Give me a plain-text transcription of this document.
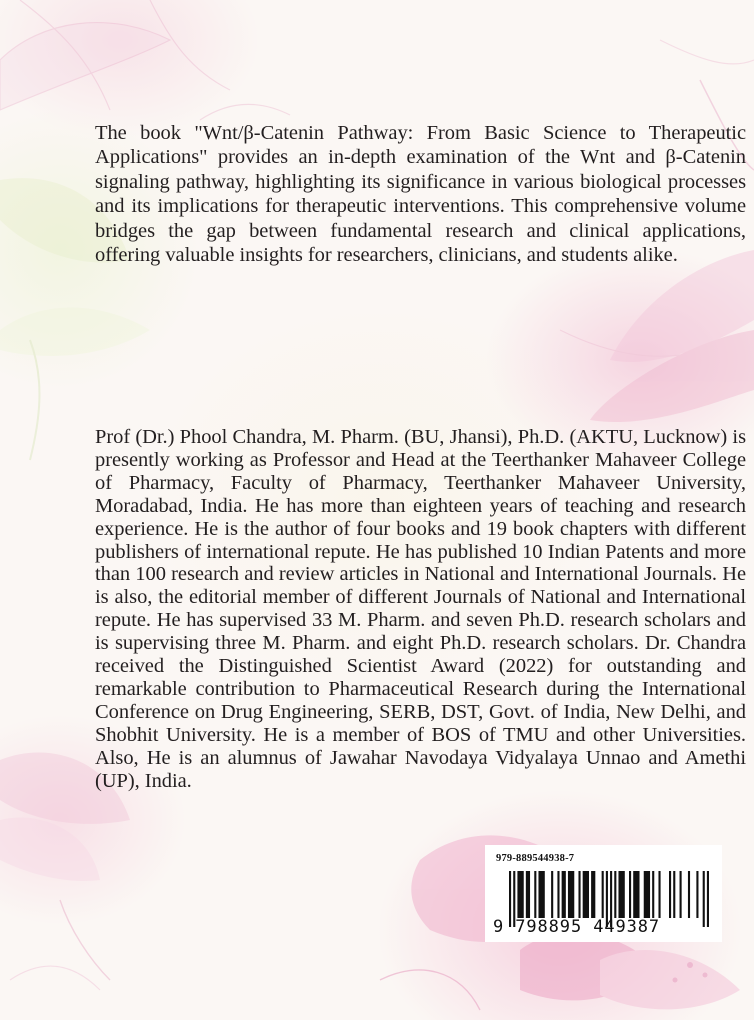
The book "Wnt/β-Catenin Pathway: From Basic Science to Therapeutic Applications" provides an in-depth examination of the Wnt and β-Catenin signaling pathway, highlighting its significance in various biological processes and its implications for therapeutic interventions. This comprehensive volume bridges the gap between fundamental research and clinical applications, offering valuable insights for researchers, clinicians, and students alike.

Prof (Dr.) Phool Chandra, M. Pharm. (BU, Jhansi), Ph.D. (AKTU, Lucknow) is presently working as Professor and Head at the Teerthanker Mahaveer College of Pharmacy, Faculty of Pharmacy, Teerthanker Mahaveer University, Moradabad, India. He has more than eighteen years of teaching and research experience. He is the author of four books and 19 book chapters with different publishers of international repute. He has published 10 Indian Patents and more than 100 research and review articles in National and International Journals. He is also, the editorial member of different Journals of National and International repute. He has supervised 33 M. Pharm. and seven Ph.D. research scholars and is supervising three M. Pharm. and eight Ph.D. research scholars. Dr. Chandra received the Distinguished Scientist Award (2022) for outstanding and remarkable contribution to Pharmaceutical Research during the International Conference on Drug Engineering, SERB, DST, Govt. of India, New Delhi, and Shobhit University. He is a member of BOS of TMU and other Universities. Also, He is an alumnus of Jawahar Navodaya Vidyalaya Unnao and Amethi (UP), India.

979-889544938-7
9 798895 449387
